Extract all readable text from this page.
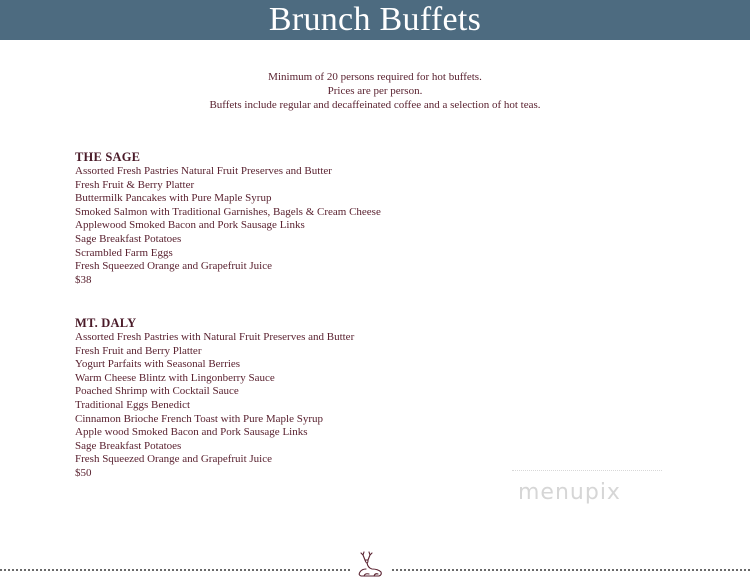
Brunch Buffets
Minimum of 20 persons required for hot buffets.
Prices are per person.
Buffets include regular and decaffeinated coffee and a selection of hot teas.
THE SAGE
Assorted Fresh Pastries Natural Fruit Preserves and Butter
Fresh Fruit & Berry Platter
Buttermilk Pancakes with Pure Maple Syrup
Smoked Salmon with Traditional Garnishes, Bagels & Cream Cheese
Applewood Smoked Bacon and Pork Sausage Links
Sage Breakfast Potatoes
Scrambled Farm Eggs
Fresh Squeezed Orange and Grapefruit Juice
$38
MT. DALY
Assorted Fresh Pastries with Natural Fruit Preserves and Butter
Fresh Fruit and Berry Platter
Yogurt Parfaits with Seasonal Berries
Warm Cheese Blintz with Lingonberry Sauce
Poached Shrimp with Cocktail Sauce
Traditional Eggs Benedict
Cinnamon Brioche French Toast with Pure Maple Syrup
Apple wood Smoked Bacon and Pork Sausage Links
Sage Breakfast Potatoes
Fresh Squeezed Orange and Grapefruit Juice
$50
menupix
